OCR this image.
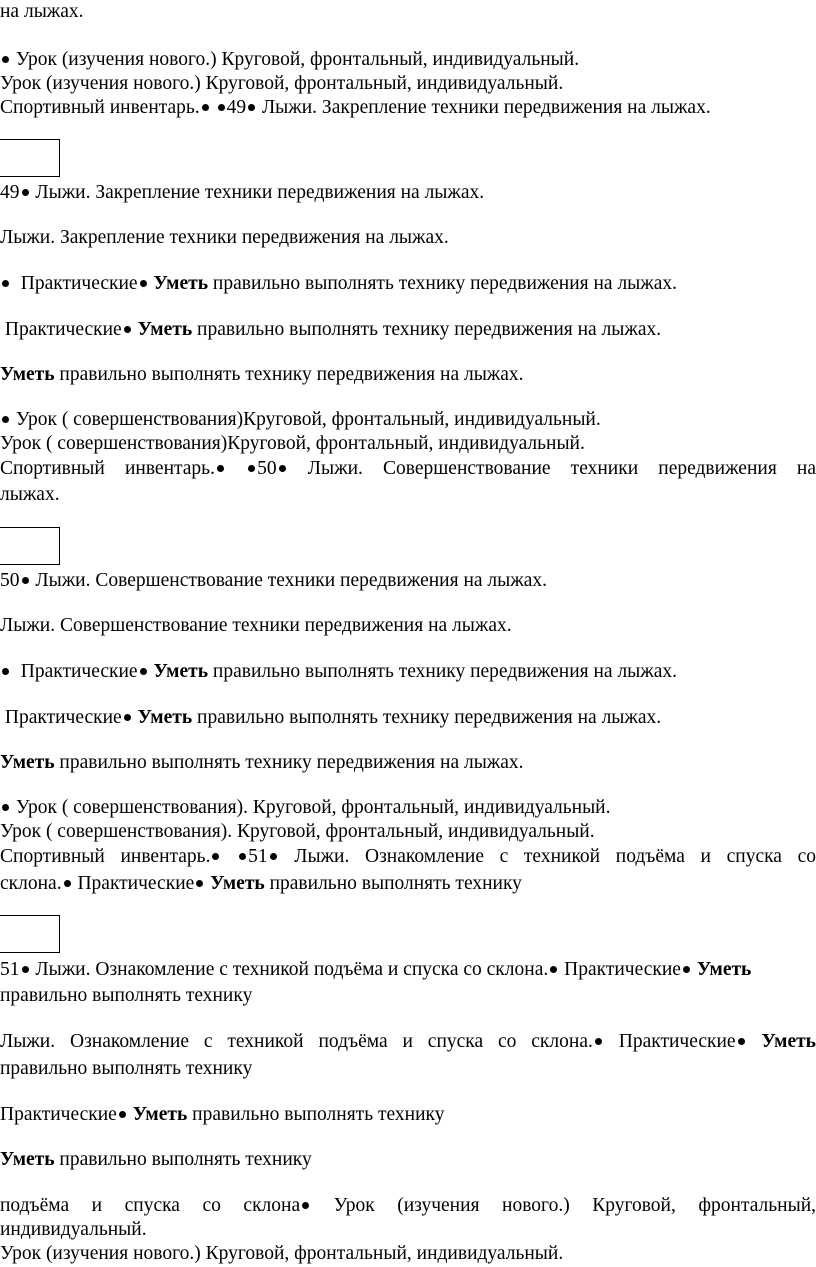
на лыжах.
Урок (изучения нового.) Круговой, фронтальный, индивидуальный.
Урок (изучения нового.) Круговой, фронтальный, индивидуальный.
Спортивный инвентарь. 49 Лыжи. Закрепление техники передвижения на лыжах.
49 Лыжи. Закрепление техники передвижения на лыжах.
Лыжи. Закрепление техники передвижения на лыжах.
Практические Уметь правильно выполнять технику передвижения на лыжах.
Практические Уметь правильно выполнять технику передвижения на лыжах.
Уметь правильно выполнять технику передвижения на лыжах.
Урок ( совершенствования)Круговой, фронтальный, индивидуальный.
Урок ( совершенствования)Круговой, фронтальный, индивидуальный.
Спортивный инвентарь. 50 Лыжи. Совершенствование техники передвижения на
лыжах.
50 Лыжи. Совершенствование техники передвижения на лыжах.
Лыжи. Совершенствование техники передвижения на лыжах.
Практические Уметь правильно выполнять технику передвижения на лыжах.
Практические Уметь правильно выполнять технику передвижения на лыжах.
Уметь правильно выполнять технику передвижения на лыжах.
Урок ( совершенствования). Круговой, фронтальный, индивидуальный.
Урок ( совершенствования). Круговой, фронтальный, индивидуальный.
Спортивный инвентарь. 51 Лыжи. Ознакомление с техникой подъёма и спуска со
склона. Практические Уметь правильно выполнять технику
51 Лыжи. Ознакомление с техникой подъёма и спуска со склона. Практические Уметь
правильно выполнять технику
Лыжи. Ознакомление с техникой подъёма и спуска со склона. Практические Уметь
правильно выполнять технику
Практические Уметь правильно выполнять технику
Уметь правильно выполнять технику
подъёма и спуска со склона Урок (изучения нового.) Круговой, фронтальный,
индивидуальный.
Урок (изучения нового.) Круговой, фронтальный, индивидуальный.
